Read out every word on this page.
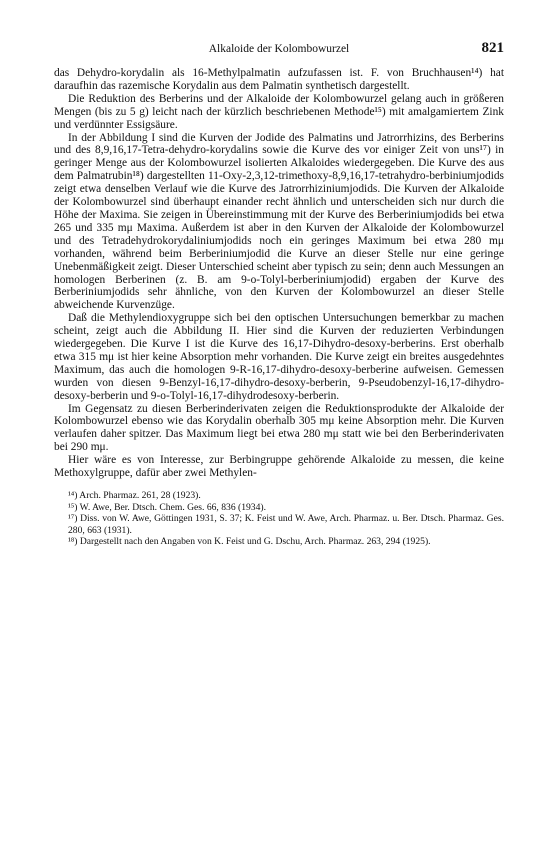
Alkaloide der Kolombowurzel	821

das Dehydro-korydalin als 16-Methylpalmatin aufzufassen ist. F. von Bruchhausen¹⁴) hat daraufhin das razemische Korydalin aus dem Palmatin synthetisch dargestellt.

Die Reduktion des Berberins und der Alkaloide der Kolombowurzel gelang auch in größeren Mengen (bis zu 5 g) leicht nach der kürzlich beschriebenen Methode¹⁵) mit amalgamiertem Zink und verdünnter Essigsäure.

In der Abbildung I sind die Kurven der Jodide des Palmatins und Jatrorrhizins, des Berberins und des 8,9,16,17-Tetra-dehydro-korydalins sowie die Kurve des vor einiger Zeit von uns¹⁷) in geringer Menge aus der Kolombowurzel isolierten Alkaloides wiedergegeben. Die Kurve des aus dem Palmatrubin¹⁸) dargestellten 11-Oxy-2,3,12-trimethoxy-8,9,16,17-tetrahydro-berbiniumjodids zeigt etwa denselben Verlauf wie die Kurve des Jatrorrhiziniumjodids. Die Kurven der Alkaloide der Kolombowurzel sind überhaupt einander recht ähnlich und unterscheiden sich nur durch die Höhe der Maxima. Sie zeigen in Übereinstimmung mit der Kurve des Berberiniumjodids bei etwa 265 und 335 mμ Maxima. Außerdem ist aber in den Kurven der Alkaloide der Kolombowurzel und des Tetradehydrokorydaliniumjodids noch ein geringes Maximum bei etwa 280 mμ vorhanden, während beim Berberiniumjodid die Kurve an dieser Stelle nur eine geringe Unebenmäßigkeit zeigt. Dieser Unterschied scheint aber typisch zu sein; denn auch Messungen an homologen Berberinen (z. B. am 9-o-Tolyl-berberiniumjodid) ergaben der Kurve des Berberiniumjodids sehr ähnliche, von den Kurven der Kolombowurzel an dieser Stelle abweichende Kurvenzüge.

Daß die Methylendioxygruppe sich bei den optischen Untersuchungen bemerkbar zu machen scheint, zeigt auch die Abbildung II. Hier sind die Kurven der reduzierten Verbindungen wiedergegeben. Die Kurve I ist die Kurve des 16,17-Dihydro-desoxy-berberins. Erst oberhalb etwa 315 mμ ist hier keine Absorption mehr vorhanden. Die Kurve zeigt ein breites ausgedehntes Maximum, das auch die homologen 9-R-16,17-dihydro-desoxy-berberine aufweisen. Gemessen wurden von diesen 9-Benzyl-16,17-dihydro-desoxy-berberin, 9-Pseudobenzyl-16,17-dihydro-desoxy-berberin und 9-o-Tolyl-16,17-dihydrodesoxy-berberin.

Im Gegensatz zu diesen Berberinderivaten zeigen die Reduktionsprodukte der Alkaloide der Kolombowurzel ebenso wie das Korydalin oberhalb 305 mμ keine Absorption mehr. Die Kurven verlaufen daher spitzer. Das Maximum liegt bei etwa 280 mμ statt wie bei den Berberinderivaten bei 290 mμ.

Hier wäre es von Interesse, zur Berbingruppe gehörende Alkaloide zu messen, die keine Methoxylgruppe, dafür aber zwei Methylen-

¹⁴) Arch. Pharmaz. 261, 28 (1923).

¹⁵) W. Awe, Ber. Dtsch. Chem. Ges. 66, 836 (1934).

¹⁷) Diss. von W. Awe, Göttingen 1931, S. 37; K. Feist und W. Awe, Arch. Pharmaz. u. Ber. Dtsch. Pharmaz. Ges. 280, 663 (1931).

¹⁸) Dargestellt nach den Angaben von K. Feist und G. Dschu, Arch. Pharmaz. 263, 294 (1925).
